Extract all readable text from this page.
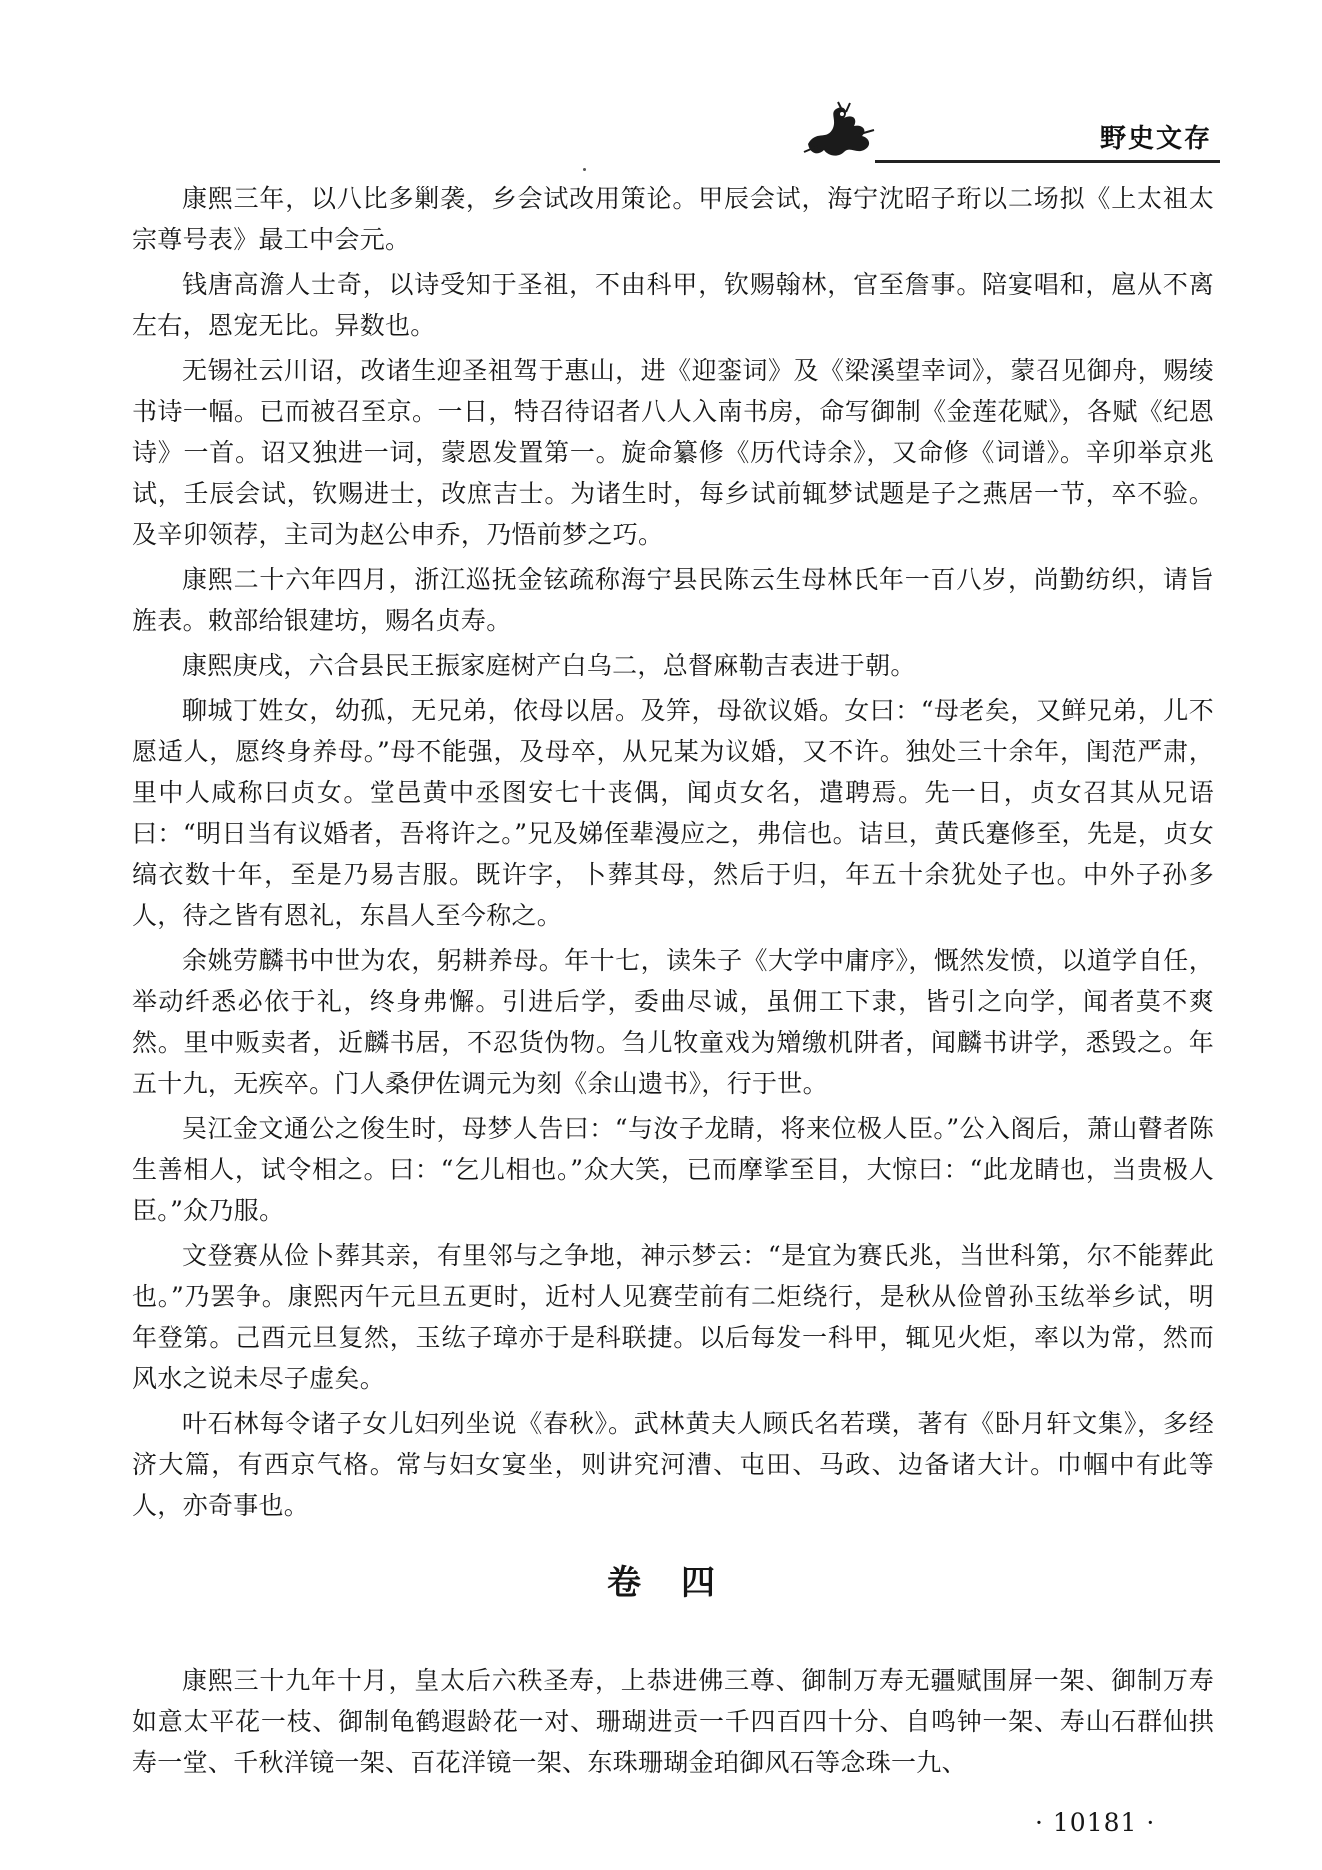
野史文存

康熙三年，以八比多剿袭，乡会试改用策论。甲辰会试，海宁沈昭子珩以二场拟《上太祖太宗尊号表》最工中会元。

钱唐高澹人士奇，以诗受知于圣祖，不由科甲，钦赐翰林，官至詹事。陪宴唱和，扈从不离左右，恩宠无比。异数也。

无锡社云川诏，改诸生迎圣祖驾于惠山，进《迎銮词》及《梁溪望幸词》，蒙召见御舟，赐绫书诗一幅。已而被召至京。一日，特召待诏者八人入南书房，命写御制《金莲花赋》，各赋《纪恩诗》一首。诏又独进一词，蒙恩发置第一。旋命纂修《历代诗余》，又命修《词谱》。辛卯举京兆试，壬辰会试，钦赐进士，改庶吉士。为诸生时，每乡试前辄梦试题是子之燕居一节，卒不验。及辛卯领荐，主司为赵公申乔，乃悟前梦之巧。

康熙二十六年四月，浙江巡抚金铉疏称海宁县民陈云生母林氏年一百八岁，尚勤纺织，请旨旌表。敕部给银建坊，赐名贞寿。

康熙庚戌，六合县民王振家庭树产白乌二，总督麻勒吉表进于朝。

聊城丁姓女，幼孤，无兄弟，依母以居。及笄，母欲议婚。女曰：“母老矣，又鲜兄弟，儿不愿适人，愿终身养母。”母不能强，及母卒，从兄某为议婚，又不许。独处三十余年，闺范严肃，里中人咸称曰贞女。堂邑黄中丞图安七十丧偶，闻贞女名，遣聘焉。先一日，贞女召其从兄语曰：“明日当有议婚者，吾将许之。”兄及娣侄辈漫应之，弗信也。诘旦，黄氏蹇修至，先是，贞女缟衣数十年，至是乃易吉服。既许字，卜葬其母，然后于归，年五十余犹处子也。中外子孙多人，待之皆有恩礼，东昌人至今称之。

余姚劳麟书中世为农，躬耕养母。年十七，读朱子《大学中庸序》，慨然发愤，以道学自任，举动纤悉必依于礼，终身弗懈。引进后学，委曲尽诚，虽佣工下隶，皆引之向学，闻者莫不爽然。里中贩卖者，近麟书居，不忍货伪物。刍儿牧童戏为矰缴机阱者，闻麟书讲学，悉毁之。年五十九，无疾卒。门人桑伊佐调元为刻《余山遗书》，行于世。

吴江金文通公之俊生时，母梦人告曰：“与汝子龙睛，将来位极人臣。”公入阁后，萧山瞽者陈生善相人，试令相之。曰：“乞儿相也。”众大笑，已而摩挲至目，大惊曰：“此龙睛也，当贵极人臣。”众乃服。

文登赛从俭卜葬其亲，有里邻与之争地，神示梦云：“是宜为赛氏兆，当世科第，尔不能葬此也。”乃罢争。康熙丙午元旦五更时，近村人见赛茔前有二炬绕行，是秋从俭曾孙玉纮举乡试，明年登第。己酉元旦复然，玉纮子璋亦于是科联捷。以后每发一科甲，辄见火炬，率以为常，然而风水之说未尽子虚矣。

叶石林每令诸子女儿妇列坐说《春秋》。武林黄夫人顾氏名若璞，著有《卧月轩文集》，多经济大篇，有西京气格。常与妇女宴坐，则讲究河漕、屯田、马政、边备诸大计。巾帼中有此等人，亦奇事也。

卷四

康熙三十九年十月，皇太后六秩圣寿，上恭进佛三尊、御制万寿无疆赋围屏一架、御制万寿如意太平花一枝、御制龟鹤遐龄花一对、珊瑚进贡一千四百四十分、自鸣钟一架、寿山石群仙拱寿一堂、千秋洋镜一架、百花洋镜一架、东珠珊瑚金珀御风石等念珠一九、

· 10181 ·
